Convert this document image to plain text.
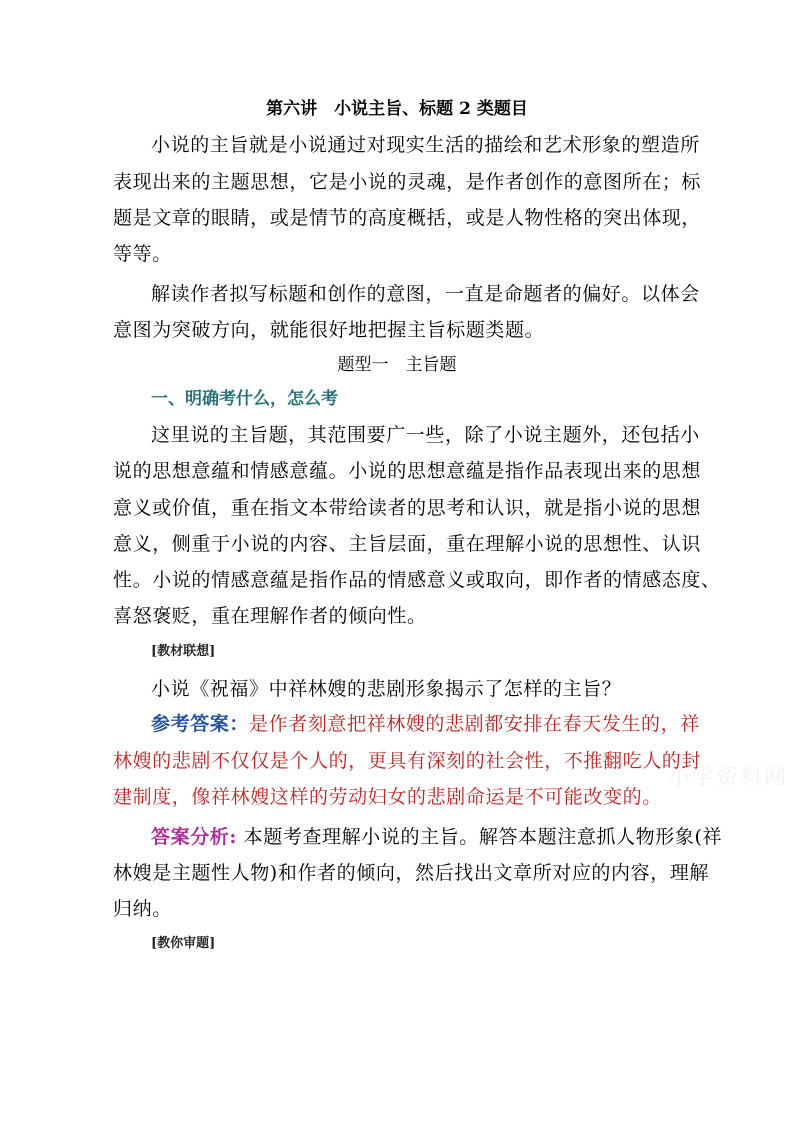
第六讲　小说主旨、标题 2 类题目
小说的主旨就是小说通过对现实生活的描绘和艺术形象的塑造所
表现出来的主题思想，它是小说的灵魂，是作者创作的意图所在；标
题是文章的眼睛，或是情节的高度概括，或是人物性格的突出体现，
等等。
解读作者拟写标题和创作的意图，一直是命题者的偏好。以体会
意图为突破方向，就能很好地把握主旨标题类题。
题型一　主旨题
一、明确考什么，怎么考
这里说的主旨题，其范围要广一些，除了小说主题外，还包括小
说的思想意蕴和情感意蕴。小说的思想意蕴是指作品表现出来的思想
意义或价值，重在指文本带给读者的思考和认识，就是指小说的思想
意义，侧重于小说的内容、主旨层面，重在理解小说的思想性、认识
性。小说的情感意蕴是指作品的情感意义或取向，即作者的情感态度、
喜怒褒贬，重在理解作者的倾向性。
[教材联想]
小说《祝福》中祥林嫂的悲剧形象揭示了怎样的主旨？
参考答案：是作者刻意把祥林嫂的悲剧都安排在春天发生的，祥
林嫂的悲剧不仅仅是个人的，更具有深刻的社会性，不推翻吃人的封
建制度，像祥林嫂这样的劳动妇女的悲剧命运是不可能改变的。
答案分析: 本题考查理解小说的主旨。解答本题注意抓人物形象(祥
林嫂是主题性人物)和作者的倾向，然后找出文章所对应的内容，理解
归纳。
[教你审题]
小学资料网
